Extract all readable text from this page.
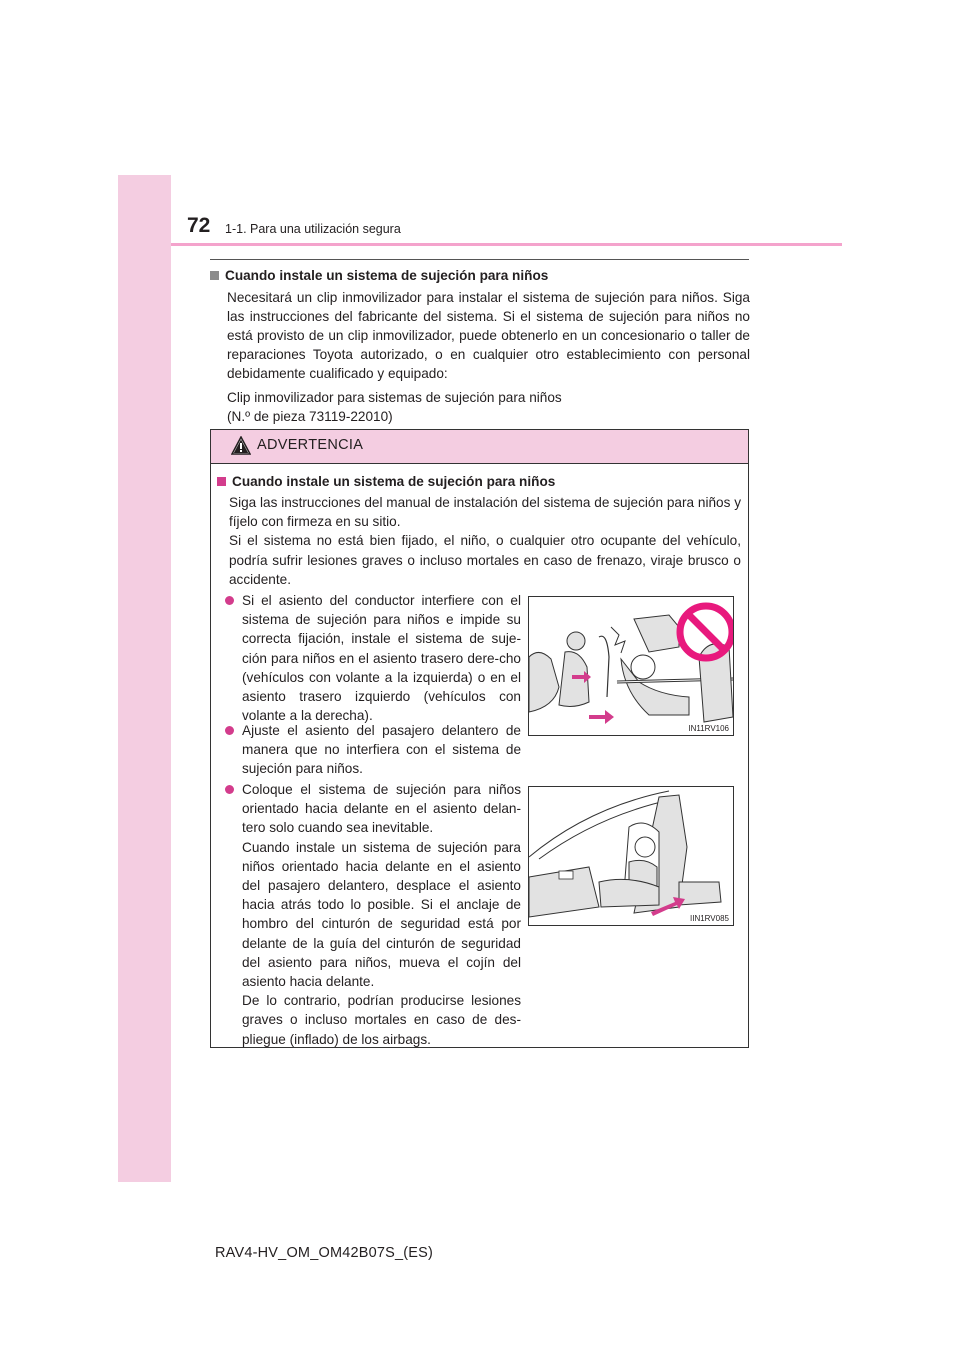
72 1-1. Para una utilización segura
Cuando instale un sistema de sujeción para niños
Necesitará un clip inmovilizador para instalar el sistema de sujeción para niños. Siga las instrucciones del fabricante del sistema. Si el sistema de sujeción para niños no está provisto de un clip inmovilizador, puede obtenerlo en un concesionario o taller de reparaciones Toyota autorizado, o en cualquier otro establecimiento con personal debidamente cualificado y equipado:
Clip inmovilizador para sistemas de sujeción para niños
(N.º de pieza 73119-22010)
ADVERTENCIA
Cuando instale un sistema de sujeción para niños
Siga las instrucciones del manual de instalación del sistema de sujeción para niños y fíjelo con firmeza en su sitio.
Si el sistema no está bien fijado, el niño, o cualquier otro ocupante del vehículo, podría sufrir lesiones graves o incluso mortales en caso de frenazo, viraje brusco o accidente.
Si el asiento del conductor interfiere con el sistema de sujeción para niños e impide su correcta fijación, instale el sistema de suje-ción para niños en el asiento trasero dere-cho (vehículos con volante a la izquierda) o en el asiento trasero izquierdo (vehículos con volante a la derecha).
Ajuste el asiento del pasajero delantero de manera que no interfiera con el sistema de sujeción para niños.
Coloque el sistema de sujeción para niños orientado hacia delante en el asiento delan-tero solo cuando sea inevitable.
Cuando instale un sistema de sujeción para niños orientado hacia delante en el asiento del pasajero delantero, desplace el asiento hacia atrás todo lo posible. Si el anclaje de hombro del cinturón de seguridad está por delante de la guía del cinturón de seguridad del asiento para niños, mueva el cojín del asiento hacia delante.
De lo contrario, podrían producirse lesiones graves o incluso mortales en caso de des-pliegue (inflado) de los airbags.
IN11RV106
IIN1RV085
RAV4-HV_OM_OM42B07S_(ES)
